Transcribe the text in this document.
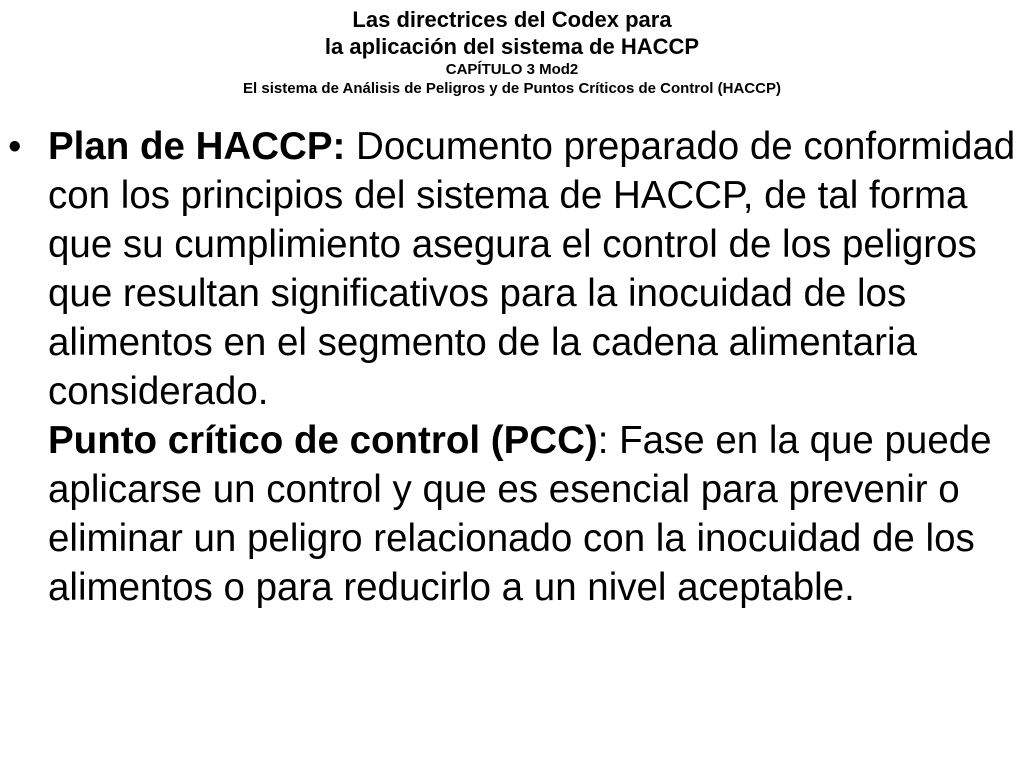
Las directrices del Codex para
la aplicación del sistema de HACCP
CAPÍTULO 3 Mod2
El sistema de Análisis de Peligros y de Puntos Críticos de Control (HACCP)
• Plan de HACCP: Documento preparado de conformidad con los principios del sistema de HACCP, de tal forma que su cumplimiento asegura el control de los peligros que resultan significativos para la inocuidad de los alimentos en el segmento de la cadena alimentaria considerado.
Punto crítico de control (PCC): Fase en la que puede aplicarse un control y que es esencial para prevenir o eliminar un peligro relacionado con la inocuidad de los alimentos o para reducirlo a un nivel aceptable.
